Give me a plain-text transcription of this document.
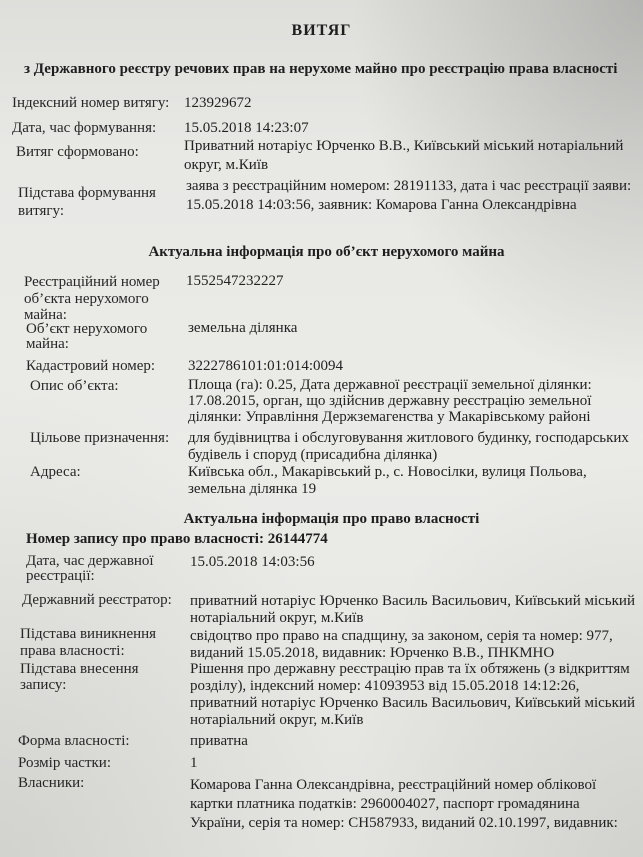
ВИТЯГ
з Державного реєстру речових прав на нерухоме майно про реєстрацію права власності
Індексний номер витягу: 123929672
Дата, час формування: 15.05.2018 14:23:07
Витяг сформовано:	Приватний нотаріус Юрченко В.В., Київський міський нотаріальний
округ, м.Київ
Підстава формування
витягу:
заява з реєстраційним номером: 28191133, дата і час реєстрації заяви:
15.05.2018 14:03:56, заявник: Комарова Ганна Олександрівна
Актуальна інформація про об’єкт нерухомого майна
Реєстраційний номер
об’єкта нерухомого
майна:
1552547232227
Об’єкт нерухомого
майна:
земельна ділянка
Кадастровий номер: 3222786101:01:014:0094
Опис об’єкта:	Площа (га): 0.25, Дата державної реєстрації земельної ділянки:
17.08.2015, орган, що здійснив державну реєстрацію земельної
ділянки: Управління Держземагенства у Макарівському районі
Цільове призначення: для будівництва і обслуговування житлового будинку, господарських
будівель і споруд (присадибна ділянка)
Адреса:	Київська обл., Макарівський р., с. Новосілки, вулиця Польова,
земельна ділянка 19
Актуальна інформація про право власності
Номер запису про право власності: 26144774
Дата, час державної
реєстрації:
15.05.2018 14:03:56
Державний реєстратор: приватний нотаріус Юрченко Василь Васильович, Київський міський
нотаріальний округ, м.Київ
Підстава виникнення
права власності:
свідоцтво про право на спадщину, за законом, серія та номер: 977,
виданий 15.05.2018, видавник: Юрченко В.В., ПНКМНО
Підстава внесення
запису:
Рішення про державну реєстрацію прав та їх обтяжень (з відкриттям
розділу), індексний номер: 41093953 від 15.05.2018 14:12:26,
приватний нотаріус Юрченко Василь Васильович, Київський міський
нотаріальний округ, м.Київ
Форма власності:	приватна
Розмір частки:	1
Власники:	Комарова Ганна Олександрівна, реєстраційний номер облікової
картки платника податків: 2960004027, паспорт громадянина
України, серія та номер: СН587933, виданий 02.10.1997, видавник:
